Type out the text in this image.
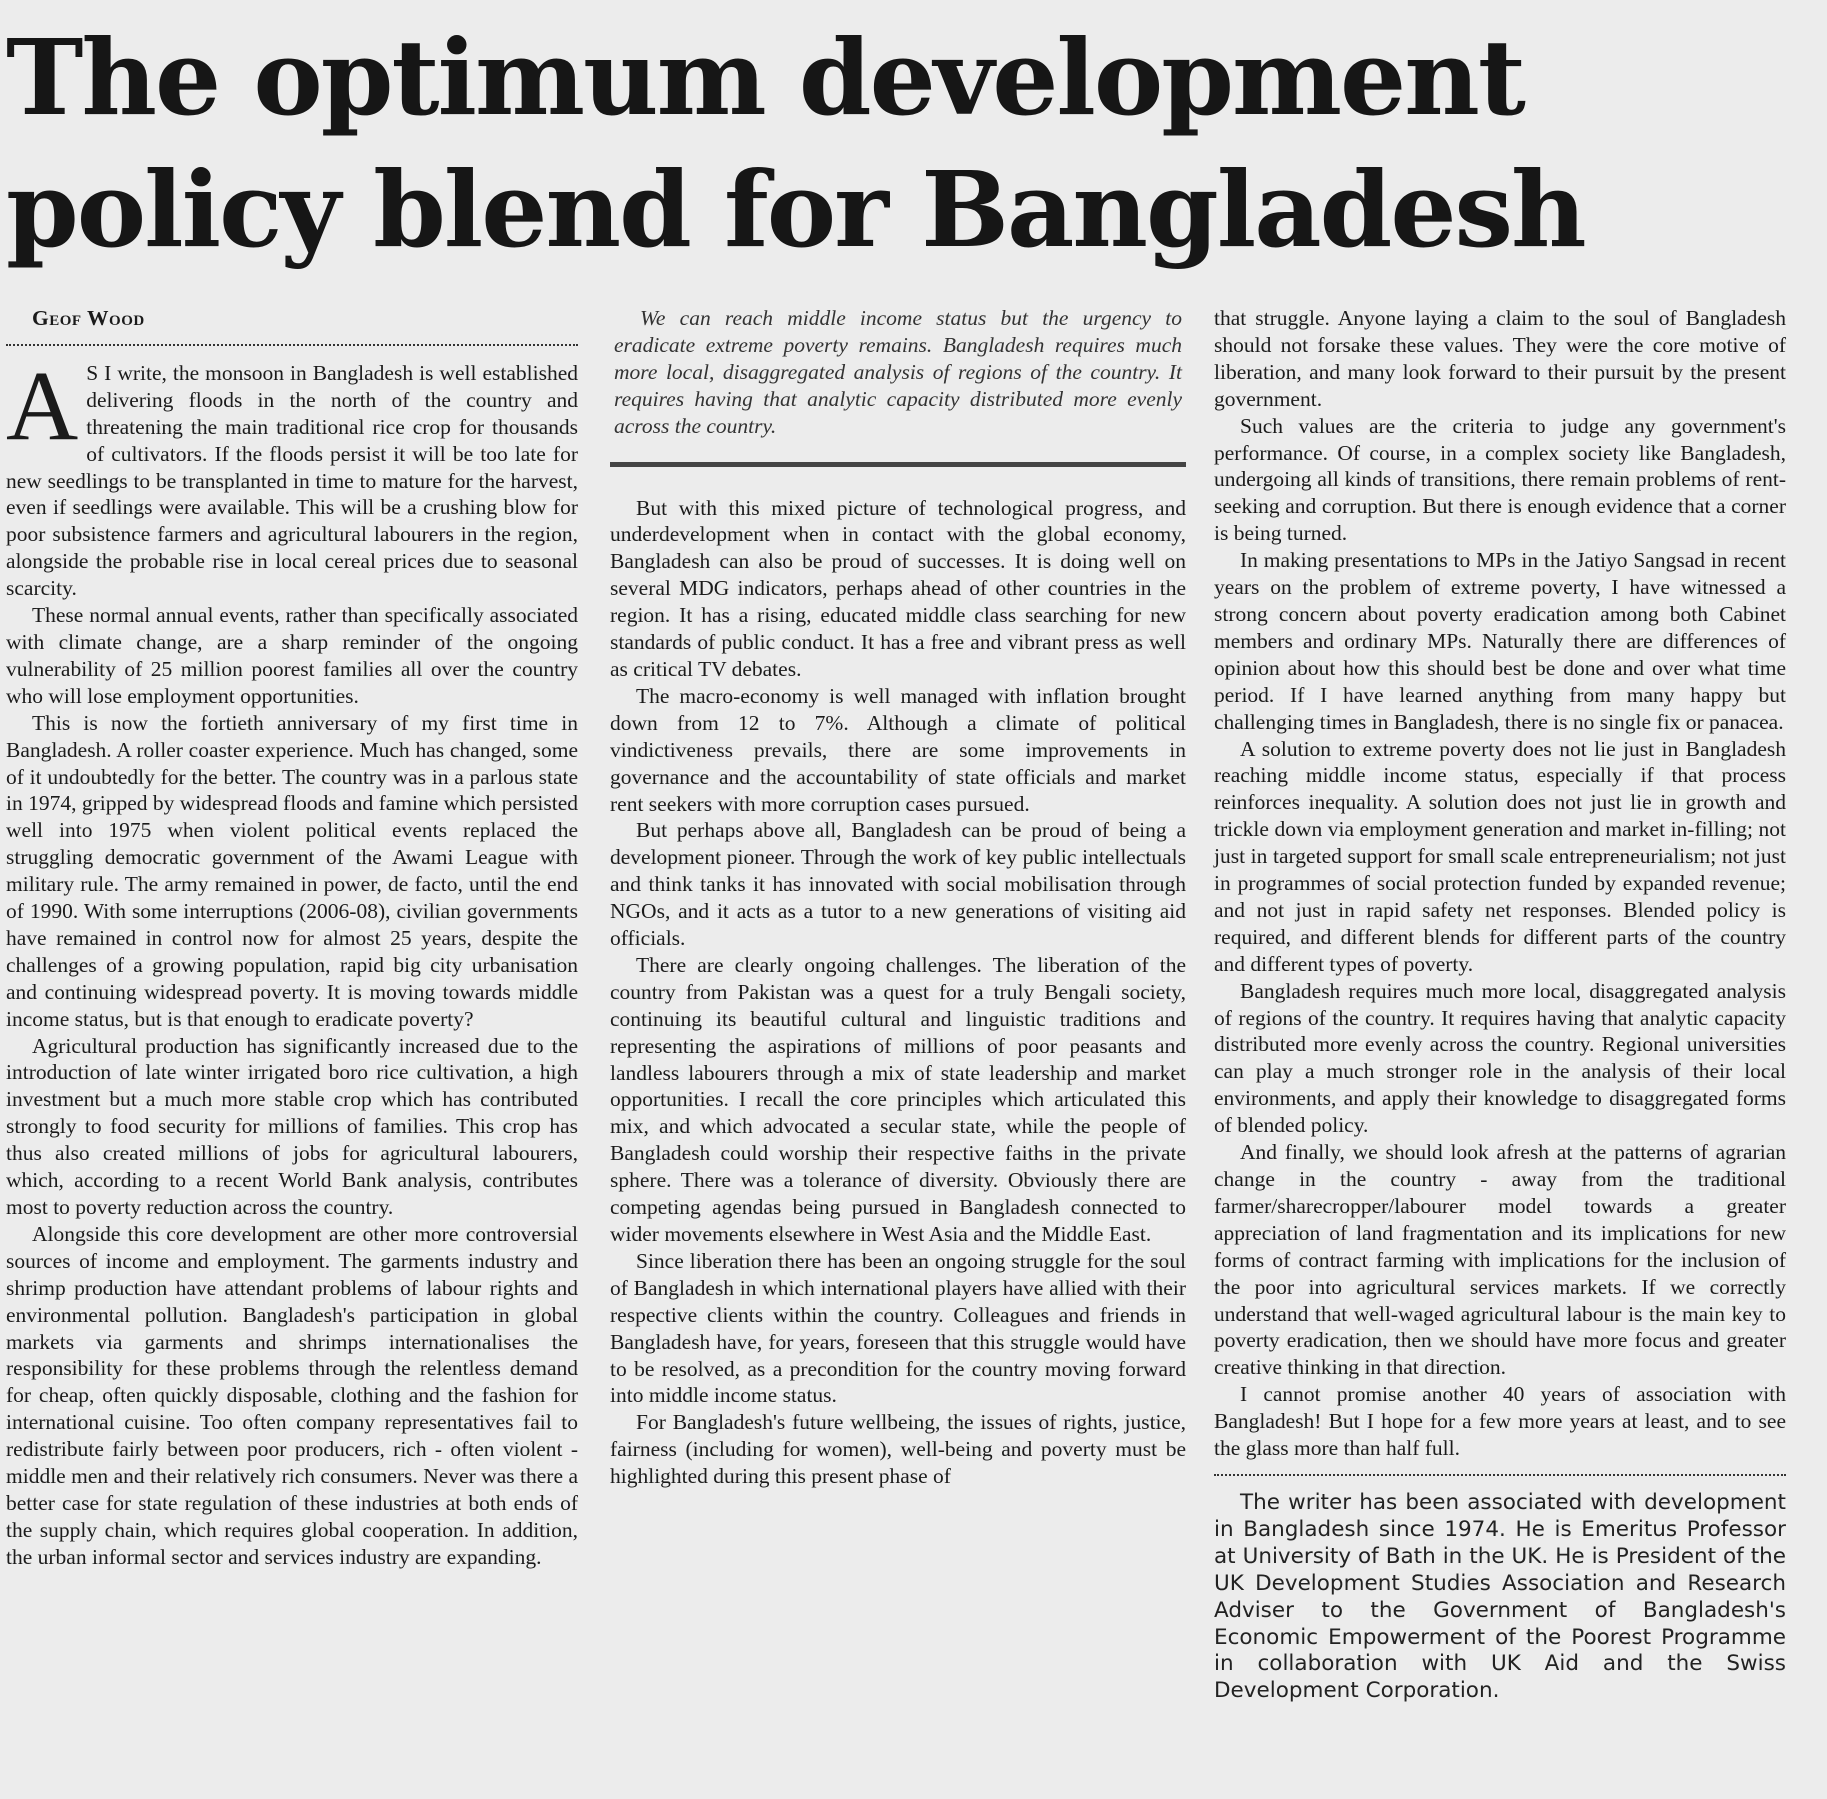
The optimum development policy blend for Bangladesh

Geof Wood

A S I write, the monsoon in Bangladesh is well established delivering floods in the north of the country and threatening the main traditional rice crop for thousands of cultivators. If the floods persist it will be too late for new seedlings to be transplanted in time to mature for the harvest, even if seedlings were available. This will be a crushing blow for poor subsistence farmers and agricultural labourers in the region, alongside the probable rise in local cereal prices due to seasonal scarcity.

These normal annual events, rather than specifically associated with climate change, are a sharp reminder of the ongoing vulnerability of 25 million poorest families all over the country who will lose employment opportunities.

This is now the fortieth anniversary of my first time in Bangladesh. A roller coaster experience. Much has changed, some of it undoubtedly for the better. The country was in a parlous state in 1974, gripped by widespread floods and famine which persisted well into 1975 when violent political events replaced the struggling democratic government of the Awami League with military rule. The army remained in power, de facto, until the end of 1990. With some interruptions (2006-08), civilian governments have remained in control now for almost 25 years, despite the challenges of a growing population, rapid big city urbanisation and continuing widespread poverty. It is moving towards middle income status, but is that enough to eradicate poverty?

Agricultural production has significantly increased due to the introduction of late winter irrigated boro rice cultivation, a high investment but a much more stable crop which has contributed strongly to food security for millions of families. This crop has thus also created millions of jobs for agricultural labourers, which, according to a recent World Bank analysis, contributes most to poverty reduction across the country.

Alongside this core development are other more controversial sources of income and employment. The garments industry and shrimp production have attendant problems of labour rights and environmental pollution. Bangladesh's participation in global markets via garments and shrimps internationalises the responsibility for these problems through the relentless demand for cheap, often quickly disposable, clothing and the fashion for international cuisine. Too often company representatives fail to redistribute fairly between poor producers, rich - often violent - middle men and their relatively rich consumers. Never was there a better case for state regulation of these industries at both ends of the supply chain, which requires global cooperation. In addition, the urban informal sector and services industry are expanding.

We can reach middle income status but the urgency to eradicate extreme poverty remains. Bangladesh requires much more local, disaggregated analysis of regions of the country. It requires having that analytic capacity distributed more evenly across the country.

But with this mixed picture of technological progress, and underdevelopment when in contact with the global economy, Bangladesh can also be proud of successes. It is doing well on several MDG indicators, perhaps ahead of other countries in the region. It has a rising, educated middle class searching for new standards of public conduct. It has a free and vibrant press as well as critical TV debates.

The macro-economy is well managed with inflation brought down from 12 to 7%. Although a climate of political vindictiveness prevails, there are some improvements in governance and the accountability of state officials and market rent seekers with more corruption cases pursued.

But perhaps above all, Bangladesh can be proud of being a development pioneer. Through the work of key public intellectuals and think tanks it has innovated with social mobilisation through NGOs, and it acts as a tutor to a new generations of visiting aid officials.

There are clearly ongoing challenges. The liberation of the country from Pakistan was a quest for a truly Bengali society, continuing its beautiful cultural and linguistic traditions and representing the aspirations of millions of poor peasants and landless labourers through a mix of state leadership and market opportunities. I recall the core principles which articulated this mix, and which advocated a secular state, while the people of Bangladesh could worship their respective faiths in the private sphere. There was a tolerance of diversity. Obviously there are competing agendas being pursued in Bangladesh connected to wider movements elsewhere in West Asia and the Middle East.

Since liberation there has been an ongoing struggle for the soul of Bangladesh in which international players have allied with their respective clients within the country. Colleagues and friends in Bangladesh have, for years, foreseen that this struggle would have to be resolved, as a precondition for the country moving forward into middle income status.

For Bangladesh's future wellbeing, the issues of rights, justice, fairness (including for women), well-being and poverty must be highlighted during this present phase of

that struggle. Anyone laying a claim to the soul of Bangladesh should not forsake these values. They were the core motive of liberation, and many look forward to their pursuit by the present government.

Such values are the criteria to judge any government's performance. Of course, in a complex society like Bangladesh, undergoing all kinds of transitions, there remain problems of rent-seeking and corruption. But there is enough evidence that a corner is being turned.

In making presentations to MPs in the Jatiyo Sangsad in recent years on the problem of extreme poverty, I have witnessed a strong concern about poverty eradication among both Cabinet members and ordinary MPs. Naturally there are differences of opinion about how this should best be done and over what time period. If I have learned anything from many happy but challenging times in Bangladesh, there is no single fix or panacea.

A solution to extreme poverty does not lie just in Bangladesh reaching middle income status, especially if that process reinforces inequality. A solution does not just lie in growth and trickle down via employment generation and market in-filling; not just in targeted support for small scale entrepreneurialism; not just in programmes of social protection funded by expanded revenue; and not just in rapid safety net responses. Blended policy is required, and different blends for different parts of the country and different types of poverty.

Bangladesh requires much more local, disaggregated analysis of regions of the country. It requires having that analytic capacity distributed more evenly across the country. Regional universities can play a much stronger role in the analysis of their local environments, and apply their knowledge to disaggregated forms of blended policy.

And finally, we should look afresh at the patterns of agrarian change in the country - away from the traditional farmer/sharecropper/labourer model towards a greater appreciation of land fragmentation and its implications for new forms of contract farming with implications for the inclusion of the poor into agricultural services markets. If we correctly understand that well-waged agricultural labour is the main key to poverty eradication, then we should have more focus and greater creative thinking in that direction.

I cannot promise another 40 years of association with Bangladesh! But I hope for a few more years at least, and to see the glass more than half full.

The writer has been associated with development in Bangladesh since 1974. He is Emeritus Professor at University of Bath in the UK. He is President of the UK Development Studies Association and Research Adviser to the Government of Bangladesh's Economic Empowerment of the Poorest Programme in collaboration with UK Aid and the Swiss Development Corporation.
